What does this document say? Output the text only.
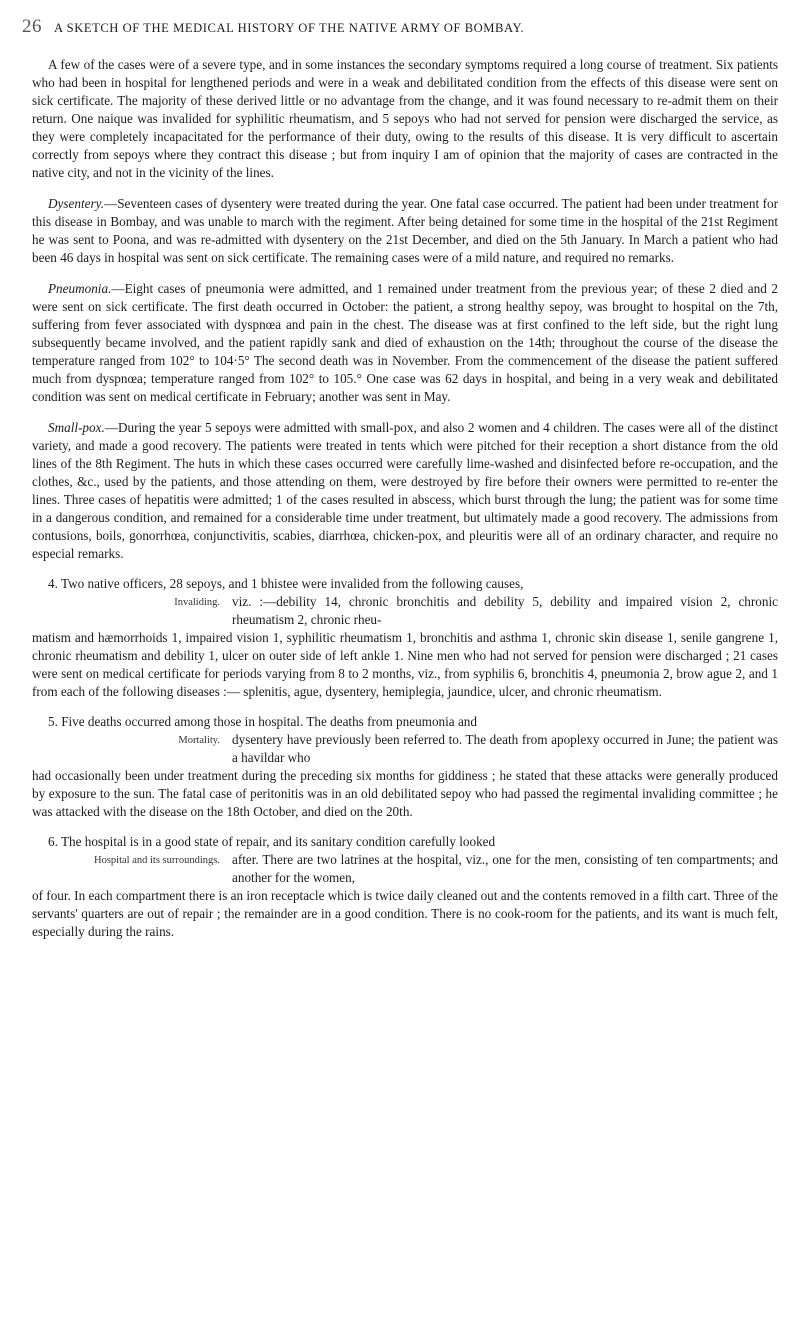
26 A SKETCH OF THE MEDICAL HISTORY OF THE NATIVE ARMY OF BOMBAY.

A few of the cases were of a severe type, and in some instances the secondary symptoms required a long course of treatment. Six patients who had been in hospital for lengthened periods and were in a weak and debilitated condition from the effects of this disease were sent on sick certificate. The majority of these derived little or no advantage from the change, and it was found necessary to re-admit them on their return. One naique was invalided for syphilitic rheumatism, and 5 sepoys who had not served for pension were discharged the service, as they were completely incapacitated for the performance of their duty, owing to the results of this disease. It is very difficult to ascertain correctly from sepoys where they contract this disease ; but from inquiry I am of opinion that the majority of cases are contracted in the native city, and not in the vicinity of the lines.

Dysentery.—Seventeen cases of dysentery were treated during the year. One fatal case occurred. The patient had been under treatment for this disease in Bombay, and was unable to march with the regiment. After being detained for some time in the hospital of the 21st Regiment he was sent to Poona, and was re-admitted with dysentery on the 21st December, and died on the 5th January. In March a patient who had been 46 days in hospital was sent on sick certificate. The remaining cases were of a mild nature, and required no remarks.

Pneumonia.—Eight cases of pneumonia were admitted, and 1 remained under treatment from the previous year; of these 2 died and 2 were sent on sick certificate. The first death occurred in October: the patient, a strong healthy sepoy, was brought to hospital on the 7th, suffering from fever associated with dyspnœa and pain in the chest. The disease was at first confined to the left side, but the right lung subsequently became involved, and the patient rapidly sank and died of exhaustion on the 14th; throughout the course of the disease the temperature ranged from 102° to 104·5° The second death was in November. From the commencement of the disease the patient suffered much from dyspnœa; temperature ranged from 102° to 105.° One case was 62 days in hospital, and being in a very weak and debilitated condition was sent on medical certificate in February; another was sent in May.

Small-pox.—During the year 5 sepoys were admitted with small-pox, and also 2 women and 4 children. The cases were all of the distinct variety, and made a good recovery. The patients were treated in tents which were pitched for their reception a short distance from the old lines of the 8th Regiment. The huts in which these cases occurred were carefully lime-washed and disinfected before re-occupation, and the clothes, &c., used by the patients, and those attending on them, were destroyed by fire before their owners were permitted to re-enter the lines. Three cases of hepatitis were admitted; 1 of the cases resulted in abscess, which burst through the lung; the patient was for some time in a dangerous condition, and remained for a considerable time under treatment, but ultimately made a good recovery. The admissions from contusions, boils, gonorrhœa, conjunctivitis, scabies, diarrhœa, chicken-pox, and pleuritis were all of an ordinary character, and require no especial remarks.

4. Two native officers, 28 sepoys, and 1 bhistee were invalided from the following causes,
Invaliding. viz. :—debility 14, chronic bronchitis and debility 5, debility and impaired vision 2, chronic rheumatism 2, chronic rheu-
matism and hæmorrhoids 1, impaired vision 1, syphilitic rheumatism 1, bronchitis and asthma 1, chronic skin disease 1, senile gangrene 1, chronic rheumatism and debility 1, ulcer on outer side of left ankle 1. Nine men who had not served for pension were discharged ; 21 cases were sent on medical certificate for periods varying from 8 to 2 months, viz., from syphilis 6, bronchitis 4, pneumonia 2, brow ague 2, and 1 from each of the following diseases :— splenitis, ague, dysentery, hemiplegia, jaundice, ulcer, and chronic rheumatism.
5. Five deaths occurred among those in hospital. The deaths from pneumonia and
Mortality. dysentery have previously been referred to. The death from apoplexy occurred in June; the patient was a havildar who
had occasionally been under treatment during the preceding six months for giddiness ; he stated that these attacks were generally produced by exposure to the sun. The fatal case of peritonitis was in an old debilitated sepoy who had passed the regimental invaliding committee ; he was attacked with the disease on the 18th October, and died on the 20th.
6. The hospital is in a good state of repair, and its sanitary condition carefully looked
Hospital and its surroundings. after. There are two latrines at the hospital, viz., one for the men, consisting of ten compartments; and another for the women,
of four. In each compartment there is an iron receptacle which is twice daily cleaned out and the contents removed in a filth cart. Three of the servants' quarters are out of repair ; the remainder are in a good condition. There is no cook-room for the patients, and its want is much felt, especially during the rains.
